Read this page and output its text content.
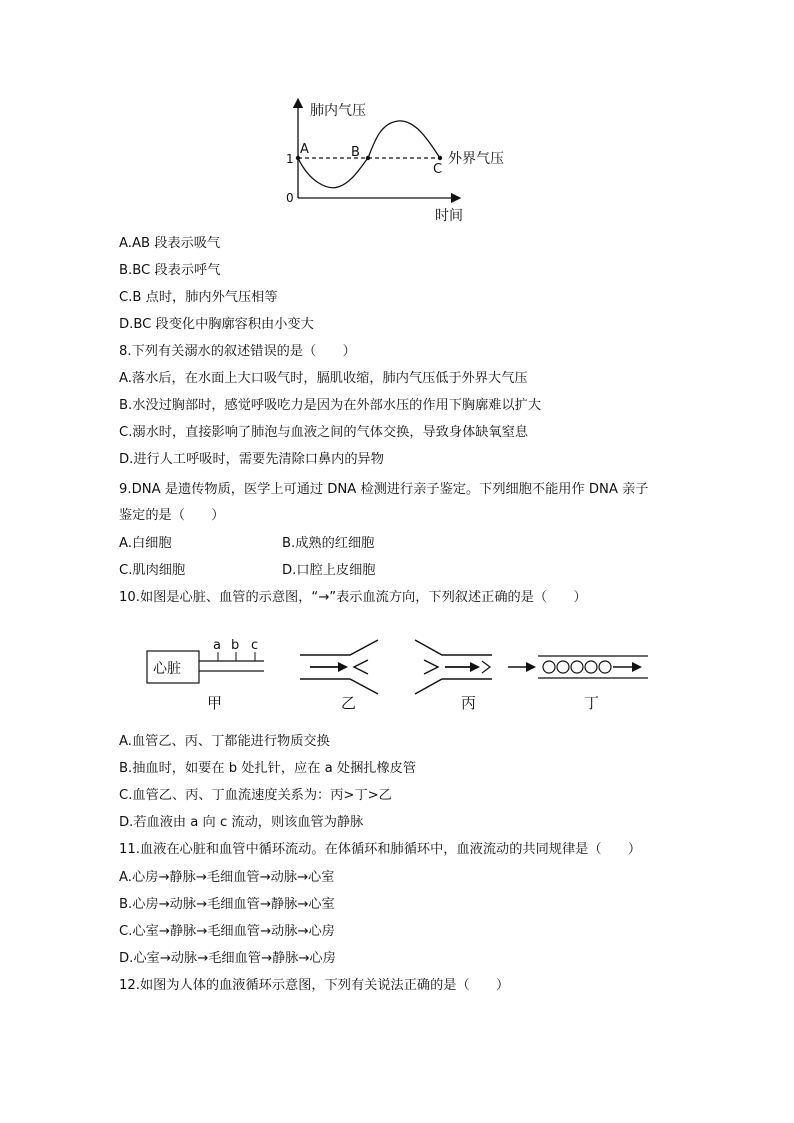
肺内气压
时间
1
0
A	B
C
外界气压
A.AB 段表示吸气
B.BC 段表示呼气
C.B 点时，肺内外气压相等
D.BC 段变化中胸廓容积由小变大
8.下列有关溺水的叙述错误的是（　　）
A.落水后，在水面上大口吸气时，膈肌收缩，肺内气压低于外界大气压
B.水没过胸部时，感觉呼吸吃力是因为在外部水压的作用下胸廓难以扩大
C.溺水时，直接影响了肺泡与血液之间的气体交换，导致身体缺氧窒息
D.进行人工呼吸时，需要先清除口鼻内的异物
9.DNA 是遗传物质，医学上可通过 DNA 检测进行亲子鉴定。下列细胞不能用作 DNA 亲子
鉴定的是（　　）
A.白细胞	B.成熟的红细胞
C.肌肉细胞	D.口腔上皮细胞
10.如图是心脏、血管的示意图，“→”表示血流方向，下列叙述正确的是（　　）
心脏
a b c
甲	乙	丙	丁
A.血管乙、丙、丁都能进行物质交换
B.抽血时，如要在 b 处扎针，应在 a 处捆扎橡皮管
C.血管乙、丙、丁血流速度关系为：丙>丁>乙
D.若血液由 a 向 c 流动，则该血管为静脉
11.血液在心脏和血管中循环流动。在体循环和肺循环中，血液流动的共同规律是（　　）
A.心房→静脉→毛细血管→动脉→心室
B.心房→动脉→毛细血管→静脉→心室
C.心室→静脉→毛细血管→动脉→心房
D.心室→动脉→毛细血管→静脉→心房
12.如图为人体的血液循环示意图，下列有关说法正确的是（　　）
